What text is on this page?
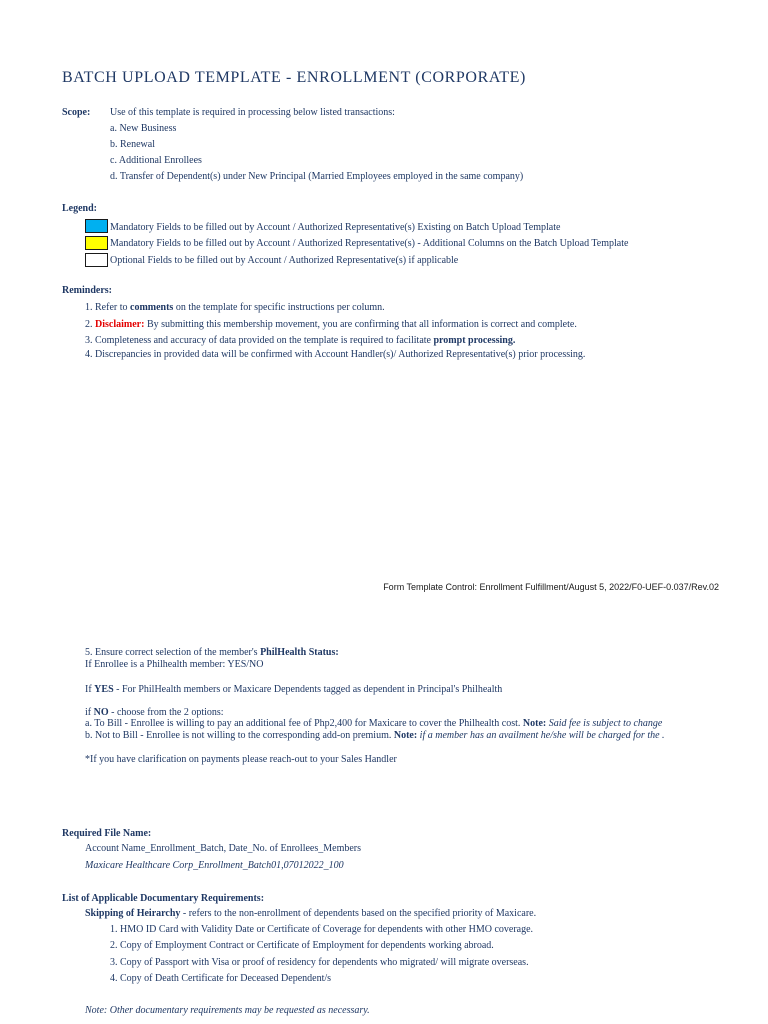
BATCH UPLOAD TEMPLATE - ENROLLMENT (CORPORATE)
Scope: Use of this template is required in processing below listed transactions:
a. New Business
b. Renewal
c. Additional Enrollees
d. Transfer of Dependent(s) under New Principal (Married Employees employed in the same company)
Legend:
Mandatory Fields to be filled out by Account / Authorized Representative(s) Existing on Batch Upload Template
Mandatory Fields to be filled out by Account / Authorized Representative(s) - Additional Columns on the Batch Upload Template
Optional Fields to be filled out by Account / Authorized Representative(s) if applicable
Reminders:
1. Refer to comments on the template for specific instructions per column.
2. Disclaimer: By submitting this membership movement, you are confirming that all information is correct and complete.
3. Completeness and accuracy of data provided on the template is required to facilitate prompt processing.
4. Discrepancies in provided data will be confirmed with Account Handler(s)/ Authorized Representative(s) prior processing.
Form Template Control: Enrollment Fulfillment/August 5, 2022/F0-UEF-0.037/Rev.02
5. Ensure correct selection of the member's PhilHealth Status:
If Enrollee is a Philhealth member: YES/NO
If YES - For PhilHealth members or Maxicare Dependents tagged as dependent in Principal's Philhealth
if NO - choose from the 2 options:
a. To Bill - Enrollee is willing to pay an additional fee of Php2,400 for Maxicare to cover the Philhealth cost. Note: Said fee is subject to change
b. Not to Bill - Enrollee is not willing to the corresponding add-on premium. Note: if a member has an availment he/she will be charged for the .
*If you have clarification on payments please reach-out to your Sales Handler
Required File Name:
Account Name_Enrollment_Batch, Date_No. of Enrollees_Members
Maxicare Healthcare Corp_Enrollment_Batch01,07012022_100
List of Applicable Documentary Requirements:
Skipping of Heirarchy - refers to the non-enrollment of dependents based on the specified priority of Maxicare.
1. HMO ID Card with Validity Date or Certificate of Coverage for dependents with other HMO coverage.
2. Copy of Employment Contract or Certificate of Employment for dependents working abroad.
3. Copy of Passport with Visa or proof of residency for dependents who migrated/ will migrate overseas.
4. Copy of Death Certificate for Deceased Dependent/s
Note: Other documentary requirements may be requested as necessary.
